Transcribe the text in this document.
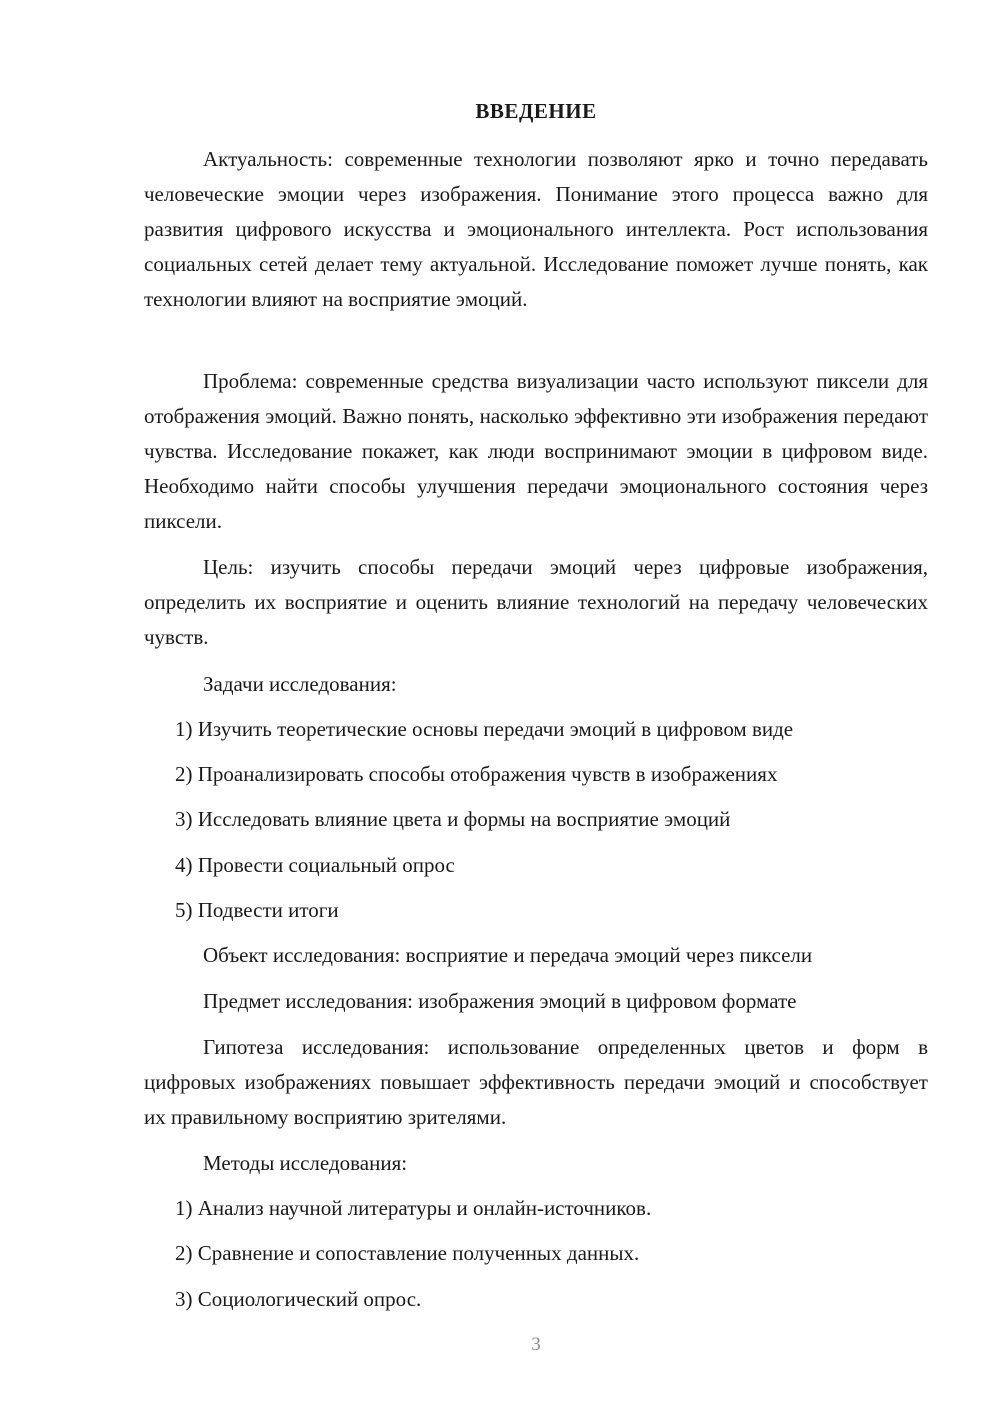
ВВЕДЕНИЕ

Актуальность: современные технологии позволяют ярко и точно передавать человеческие эмоции через изображения. Понимание этого процесса важно для развития цифрового искусства и эмоционального интеллекта. Рост использования социальных сетей делает тему актуальной. Исследование поможет лучше понять, как технологии влияют на восприятие эмоций.

Проблема: современные средства визуализации часто используют пиксели для отображения эмоций. Важно понять, насколько эффективно эти изображения передают чувства. Исследование покажет, как люди воспринимают эмоции в цифровом виде. Необходимо найти способы улучшения передачи эмоционального состояния через пиксели.

Цель: изучить способы передачи эмоций через цифровые изображения, определить их восприятие и оценить влияние технологий на передачу человеческих чувств.

Задачи исследования:

1) Изучить теоретические основы передачи эмоций в цифровом виде

2) Проанализировать способы отображения чувств в изображениях

3) Исследовать влияние цвета и формы на восприятие эмоций

4) Провести социальный опрос

5) Подвести итоги

Объект исследования: восприятие и передача эмоций через пиксели

Предмет исследования: изображения эмоций в цифровом формате

Гипотеза исследования: использование определенных цветов и форм в цифровых изображениях повышает эффективность передачи эмоций и способствует их правильному восприятию зрителями.

Методы исследования:

1) Анализ научной литературы и онлайн-источников.

2) Сравнение и сопоставление полученных данных.

3) Социологический опрос.

3
